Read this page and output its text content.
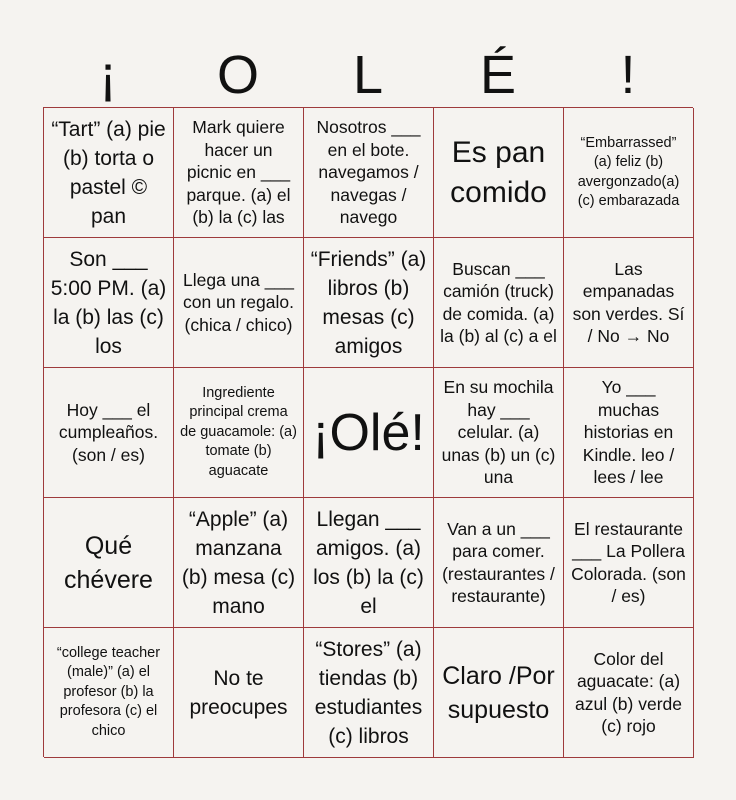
¡	O	L	É	!
“Tart” (a) pie (b) torta o pastel © pan
Mark quiere hacer un picnic en ___ parque. (a) el (b) la (c) las
Nosotros ___ en el bote. navegamos / navegas / navego
Es pan comido
“Embarrassed” (a) feliz (b) avergonzado(a) (c) embarazada
Son ___ 5:00 PM. (a) la (b) las (c) los
Llega una ___ con un regalo. (chica / chico)
“Friends” (a) libros (b) mesas (c) amigos
Buscan ___ camión (truck) de comida. (a) la (b) al (c) a el
Las empanadas son verdes. Sí / No → No
Hoy ___ el cumpleaños. (son / es)
Ingrediente principal crema de guacamole: (a) tomate (b) aguacate
¡Olé!
En su mochila hay ___ celular. (a) unas (b) un (c) una
Yo ___ muchas historias en Kindle. leo / lees / lee
Qué chévere
“Apple” (a) manzana (b) mesa (c) mano
Llegan ___ amigos. (a) los (b) la (c) el
Van a un ___ para comer. (restaurantes / restaurante)
El restaurante ___ La Pollera Colorada. (son / es)
“college teacher (male)” (a) el profesor (b) la profesora (c) el chico
No te preocupes
“Stores” (a) tiendas (b) estudiantes (c) libros
Claro /Por supuesto
Color del aguacate: (a) azul (b) verde (c) rojo
